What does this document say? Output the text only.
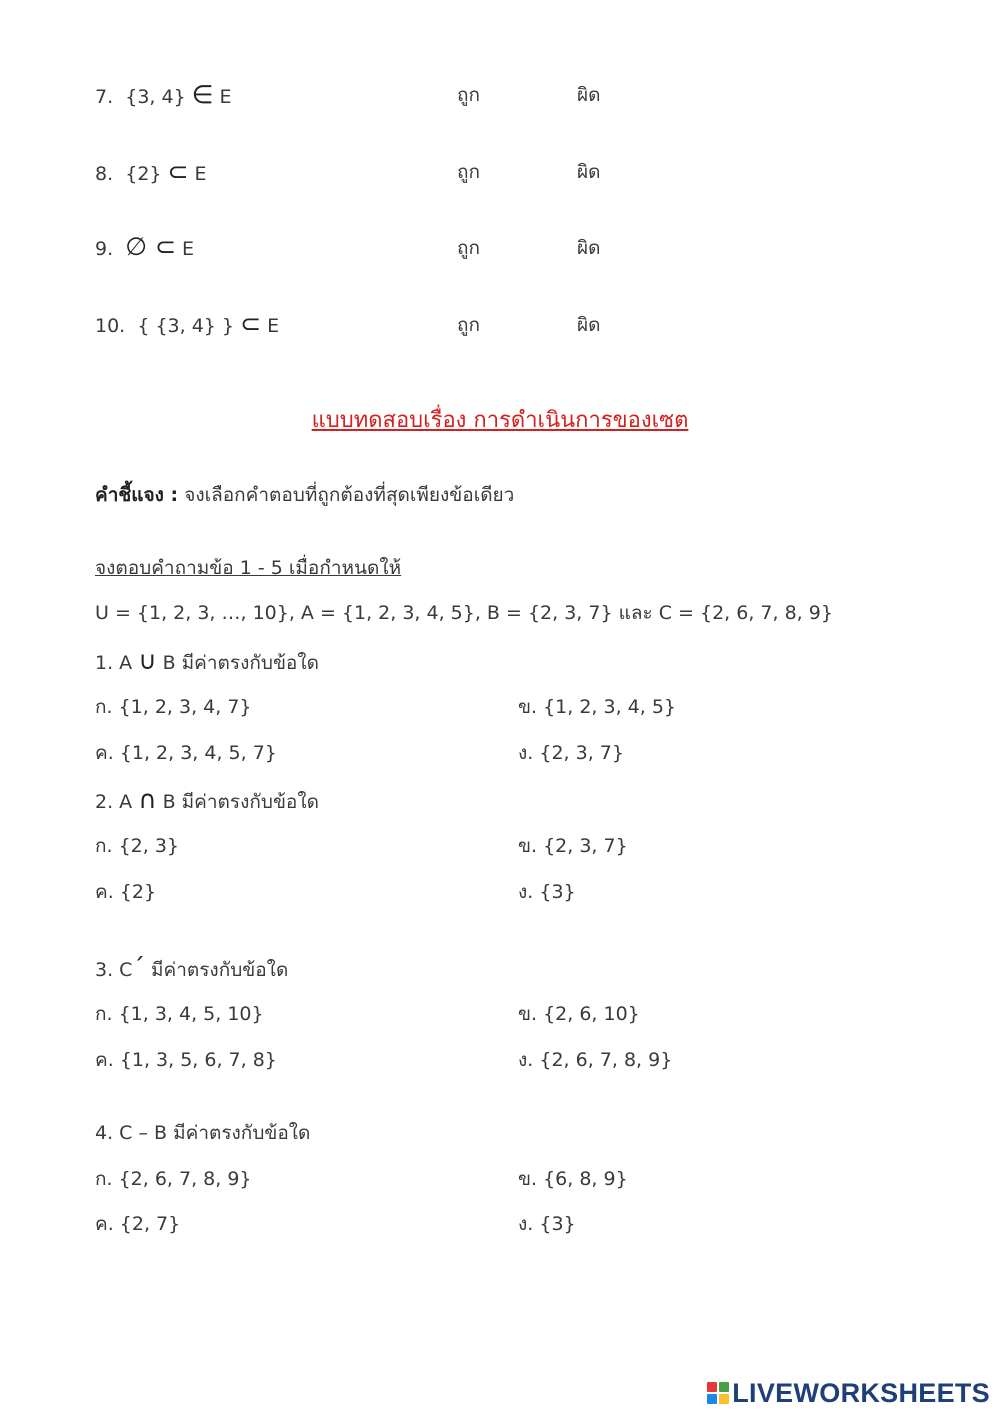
7. {3, 4} ∈ E	ถูก	ผิด
8. {2} ⊂ E	ถูก	ผิด
9. ∅ ⊂ E	ถูก	ผิด
10. { {3, 4} } ⊂ E	ถูก	ผิด
แบบทดสอบเรื่อง การดำเนินการของเซต
คำชี้แจง : จงเลือกคำตอบที่ถูกต้องที่สุดเพียงข้อเดียว
จงตอบคำถามข้อ 1 - 5 เมื่อกำหนดให้
U = {1, 2, 3, …, 10}, A = {1, 2, 3, 4, 5}, B = {2, 3, 7} และ C = {2, 6, 7, 8, 9}
1. A ∪ B มีค่าตรงกับข้อใด
ก. {1, 2, 3, 4, 7}	ข. {1, 2, 3, 4, 5}
ค. {1, 2, 3, 4, 5, 7}	ง. {2, 3, 7}
2. A ∩ B มีค่าตรงกับข้อใด
ก. {2, 3}	ข. {2, 3, 7}
ค. {2}	ง. {3}
3. C´ มีค่าตรงกับข้อใด
ก. {1, 3, 4, 5, 10}	ข. {2, 6, 10}
ค. {1, 3, 5, 6, 7, 8}	ง. {2, 6, 7, 8, 9}
4. C – B มีค่าตรงกับข้อใด
ก. {2, 6, 7, 8, 9}	ข. {6, 8, 9}
ค. {2, 7}	ง. {3}
LIVEWORKSHEETS
